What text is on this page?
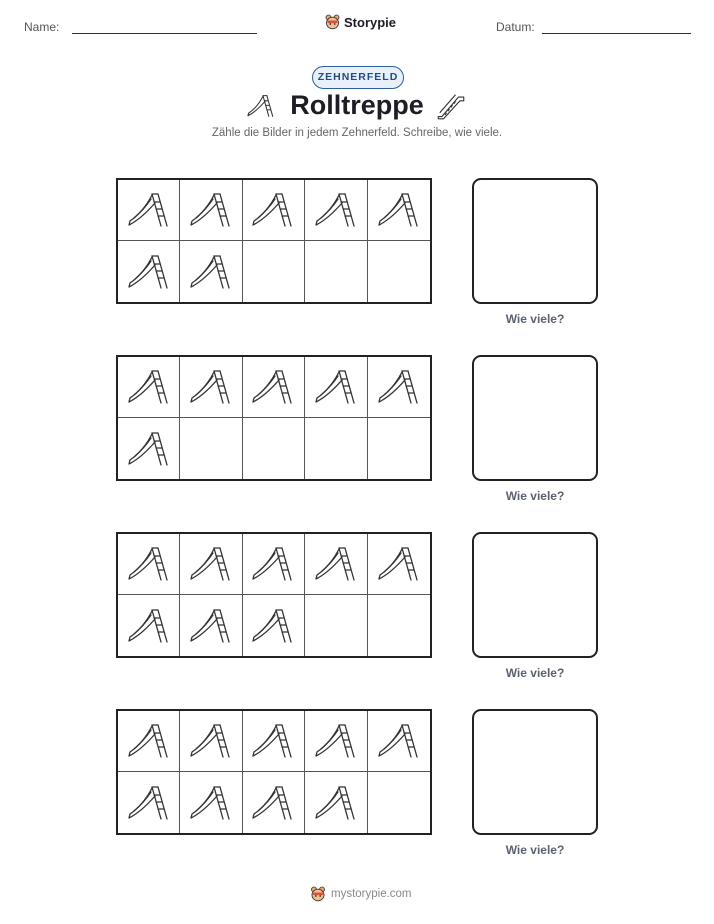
Name:	Storypie	Datum:
ZEHNERFELD
Rolltreppe
Zähle die Bilder in jedem Zehnerfeld. Schreibe, wie viele.
Wie viele?
Wie viele?
Wie viele?
Wie viele?
mystorypie.com
